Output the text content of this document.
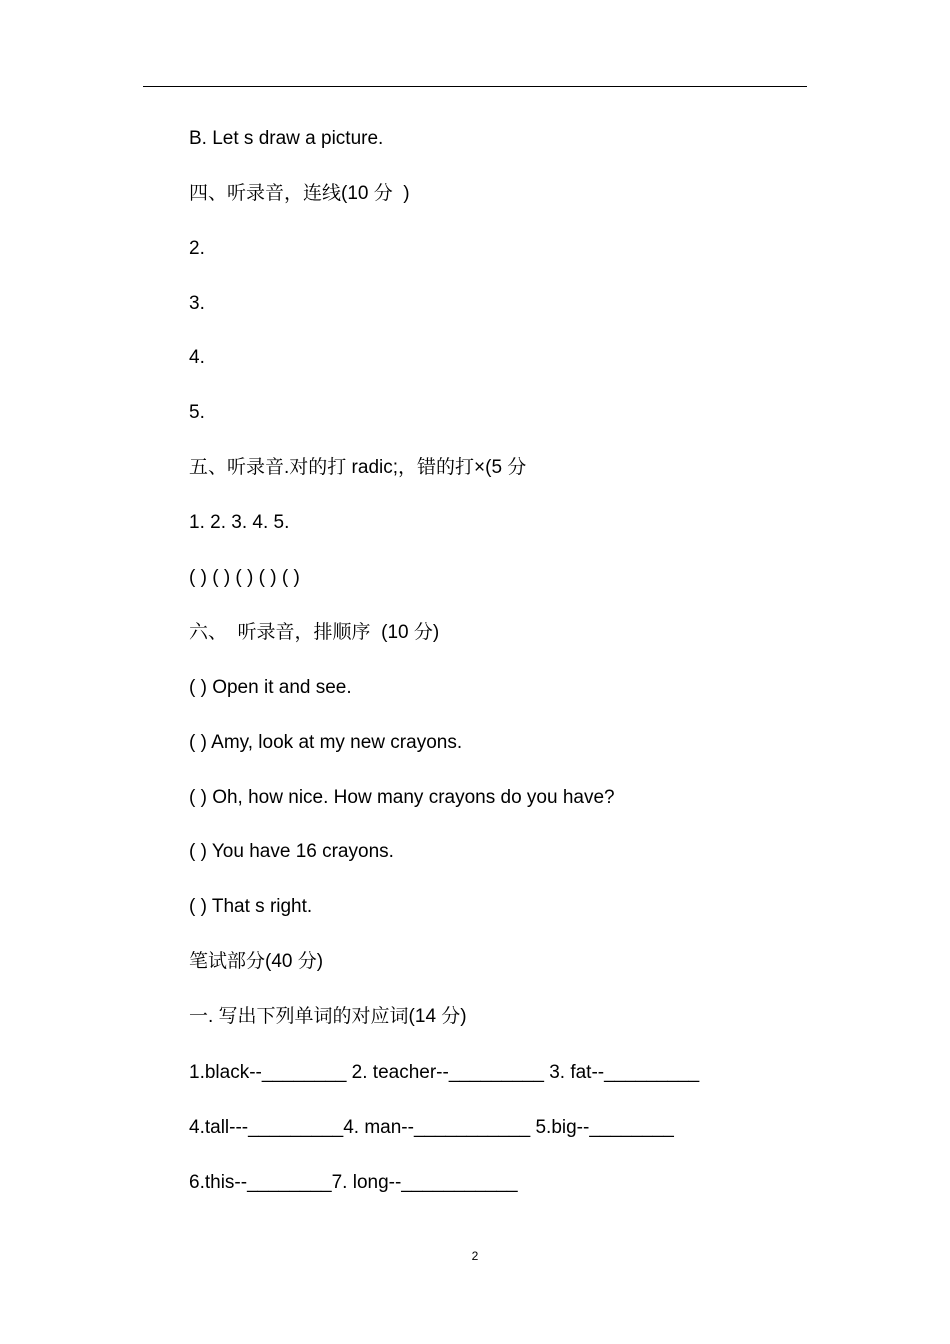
B. Let s draw a picture.
四、听录音，连线(10 分  )
2.
3.
4.
5.
五、听录音.对的打 radic;，错的打×(5 分
1. 2. 3. 4. 5.
( ) ( ) ( ) ( ) ( )
六、  听录音，排顺序  (10 分)
( ) Open it and see.
( ) Amy, look at my new crayons.
( ) Oh, how nice. How many crayons do you have?
( ) You have 16 crayons.
( ) That s right.
笔试部分(40 分)
一. 写出下列单词的对应词(14 分)
1.black--________ 2. teacher--_________ 3. fat--_________
4.tall---_________4. man--___________ 5.big--________
6.this--________7. long--___________
2
